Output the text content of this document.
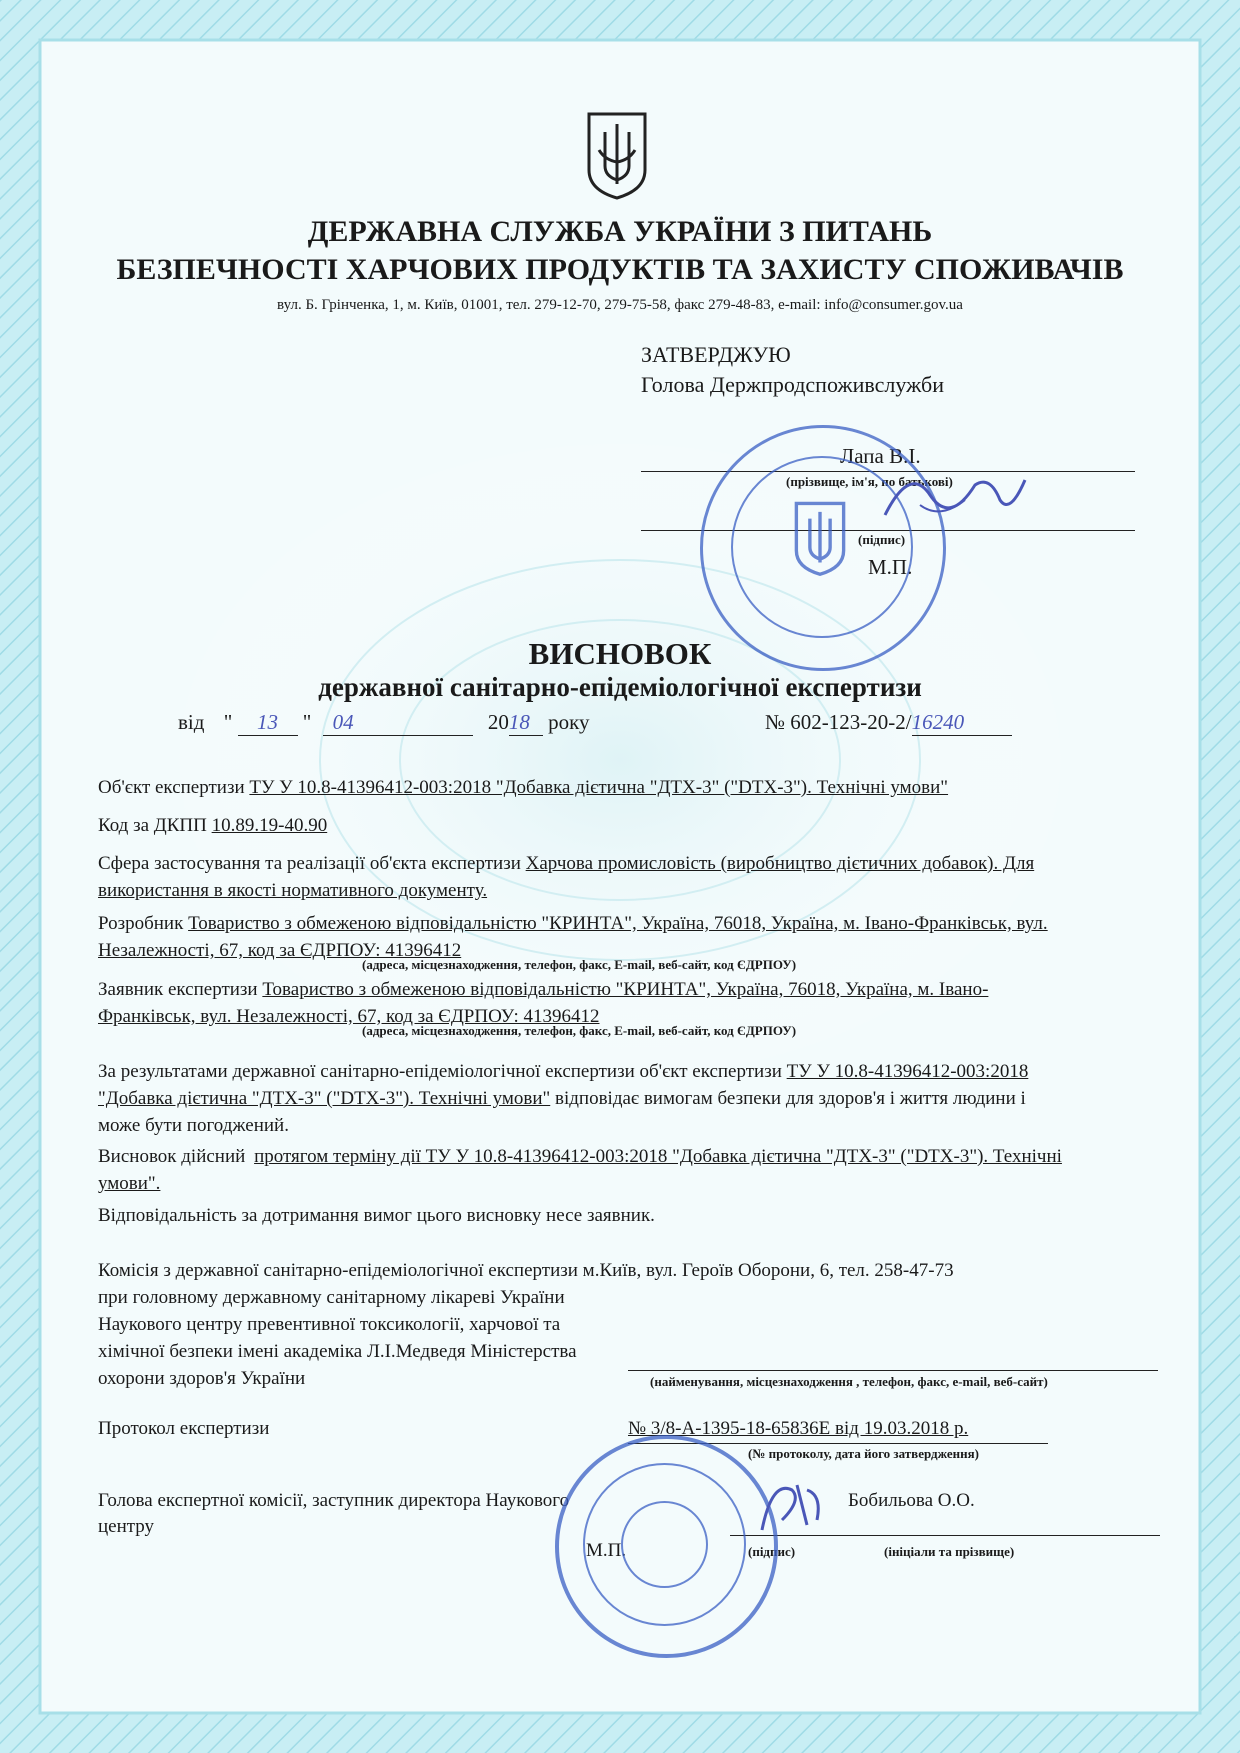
ДЕРЖАВНА СЛУЖБА УКРАЇНИ З ПИТАНЬ
БЕЗПЕЧНОСТІ ХАРЧОВИХ ПРОДУКТІВ ТА ЗАХИСТУ СПОЖИВАЧІВ
вул. Б. Грінченка, 1, м. Київ, 01001, тел. 279-12-70, 279-75-58, факс 279-48-83, e-mail: info@consumer.gov.ua
ЗАТВЕРДЖУЮ
Голова Держпродспоживслужби
Лапа В.І.
(прізвище, ім'я, по батькові)
(підпис)
М.П.
ВИСНОВОК
державної санітарно-епідеміологічної експертизи
від " 13 " 04	2018 року	№ 602-123-20-2/16240
Об'єкт експертизи ТУ У 10.8-41396412-003:2018 "Добавка дієтична "ДТХ-3" ("DTX-3"). Технічні умови"
Код за ДКПП 10.89.19-40.90
Сфера застосування та реалізації об'єкта експертизи Харчова промисловість (виробництво дієтичних добавок). Для
використання в якості нормативного документу.
Розробник Товариство з обмеженою відповідальністю "КРИНТА", Україна, 76018, Україна, м. Івано-Франківськ, вул.
Незалежності, 67, код за ЄДРПОУ: 41396412
(адреса, місцезнаходження, телефон, факс, E-mail, веб-сайт, код ЄДРПОУ)
Заявник експертизи Товариство з обмеженою відповідальністю "КРИНТА", Україна, 76018, Україна, м. Івано-
Франківськ, вул. Незалежності, 67, код за ЄДРПОУ: 41396412
(адреса, місцезнаходження, телефон, факс, E-mail, веб-сайт, код ЄДРПОУ)
За результатами державної санітарно-епідеміологічної експертизи об'єкт експертизи ТУ У 10.8-41396412-003:2018
"Добавка дієтична "ДТХ-3" ("DTX-3"). Технічні умови" відповідає вимогам безпеки для здоров'я і життя людини і
може бути погоджений.
Висновок дійсний протягом терміну дії ТУ У 10.8-41396412-003:2018 "Добавка дієтична "ДТХ-3" ("DTX-3"). Технічні
умови".
Відповідальність за дотримання вимог цього висновку несе заявник.
Комісія з державної санітарно-епідеміологічної експертизи м.Київ, вул. Героїв Оборони, 6, тел. 258-47-73
при головному державному санітарному лікареві України
Наукового центру превентивної токсикології, харчової та
хімічної безпеки імені академіка Л.І.Медведя Міністерства
охорони здоров'я України	(найменування, місцезнаходження , телефон, факс, e-mail, веб-сайт)
Протокол експертизи	№ 3/8-А-1395-18-65836Е від 19.03.2018 р.
(№ протоколу, дата його затвердження)
Голова експертної комісії, заступник директора Наукового
центру
Бобильова О.О.
М.П.	(підпис)	(ініціали та прізвище)
